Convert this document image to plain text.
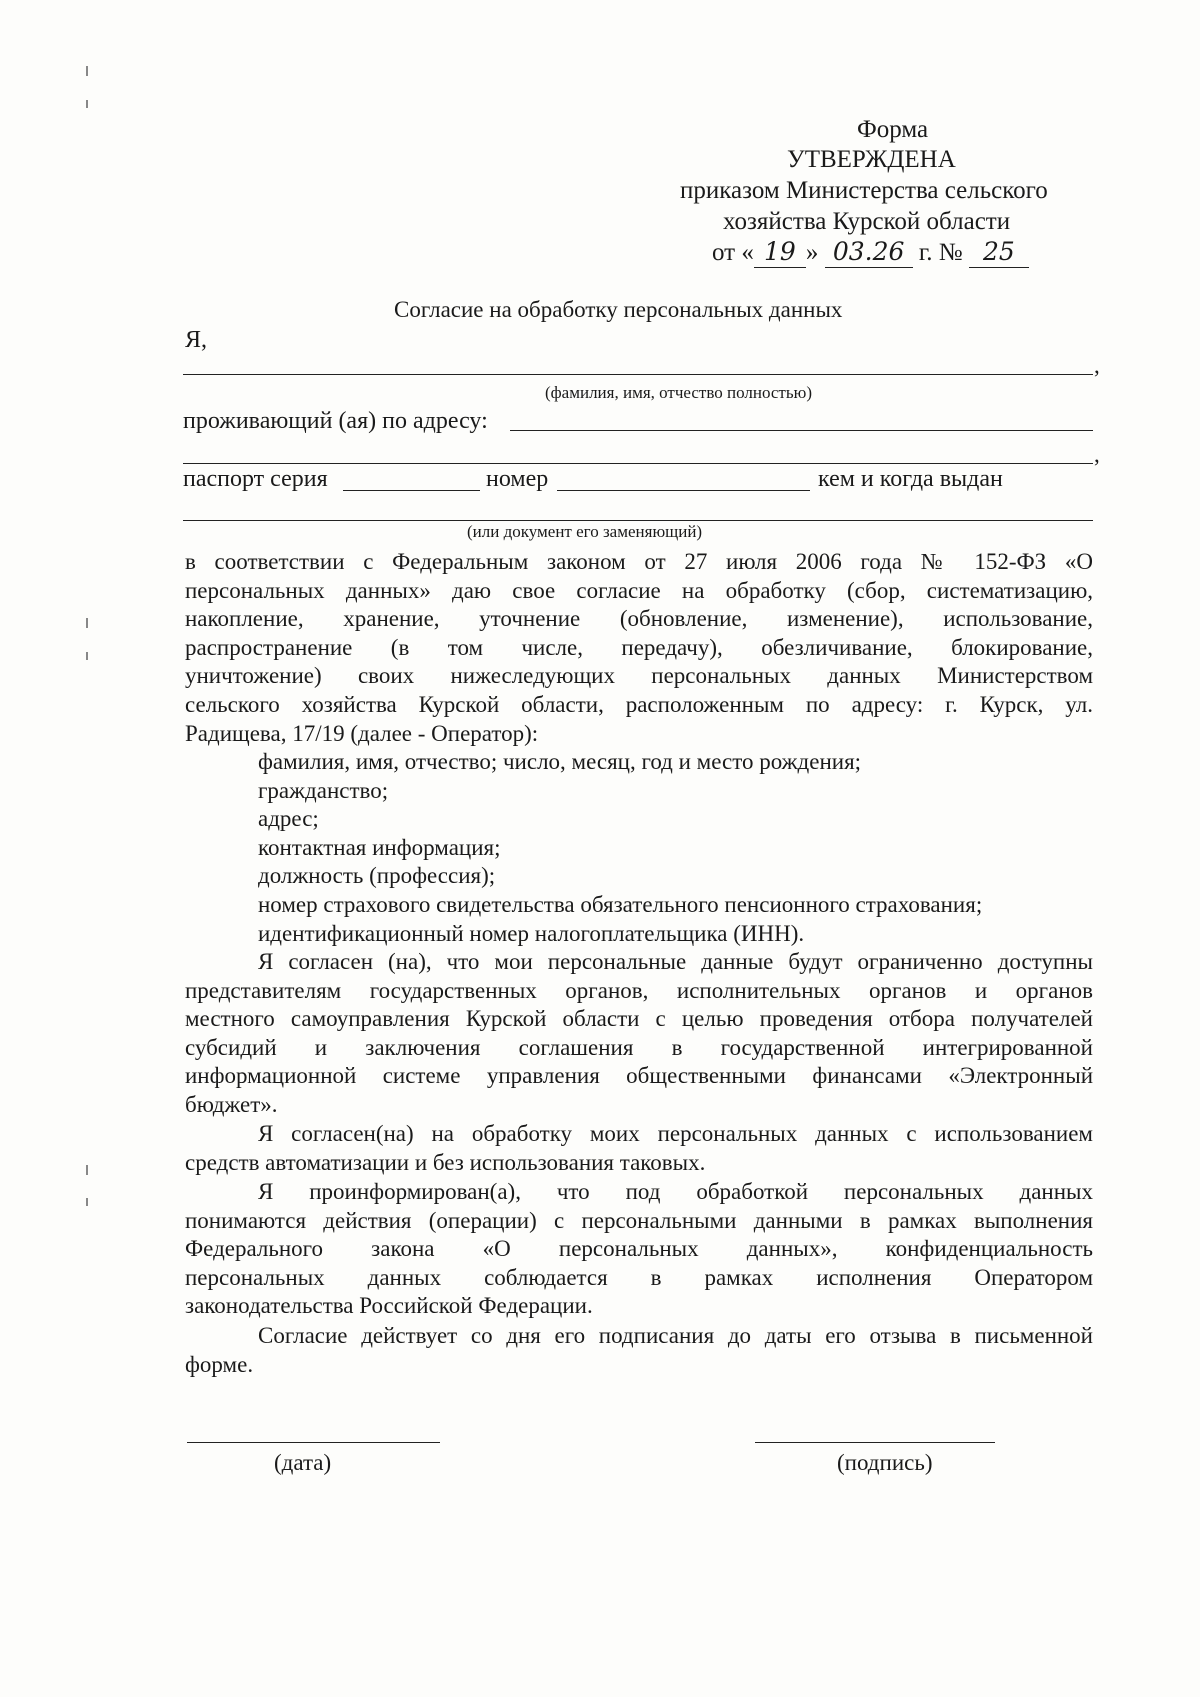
Форма
УТВЕРЖДЕНА
приказом Министерства сельского
хозяйства Курской области
от « 19 » 03.26 г. № 25
Согласие на обработку персональных данных
Я,
,
(фамилия, имя, отчество полностью)
проживающий (ая) по адресу:
,
паспорт серия	номер	кем и когда выдан
(или документ его заменяющий)
в соответствии с Федеральным законом от 27 июля 2006 года № 152-ФЗ «О
персональных данных» даю свое согласие на обработку (сбор, систематизацию,
накопление, хранение, уточнение (обновление, изменение), использование,
распространение (в том числе, передачу), обезличивание, блокирование,
уничтожение) своих нижеследующих персональных данных Министерством
сельского хозяйства Курской области, расположенным по адресу: г. Курск, ул.
Радищева, 17/19 (далее - Оператор):
фамилия, имя, отчество; число, месяц, год и место рождения;
гражданство;
адрес;
контактная информация;
должность (профессия);
номер страхового свидетельства обязательного пенсионного страхования;
идентификационный номер налогоплательщика (ИНН).
Я согласен (на), что мои персональные данные будут ограниченно доступны
представителям государственных органов, исполнительных органов и органов
местного самоуправления Курской области с целью проведения отбора получателей
субсидий и заключения соглашения в государственной интегрированной
информационной системе управления общественными финансами «Электронный
бюджет».
Я согласен(на) на обработку моих персональных данных с использованием
средств автоматизации и без использования таковых.
Я проинформирован(а), что под обработкой персональных данных
понимаются действия (операции) с персональными данными в рамках выполнения
Федерального закона «О персональных данных», конфиденциальность
персональных данных соблюдается в рамках исполнения Оператором
законодательства Российской Федерации.
Согласие действует со дня его подписания до даты его отзыва в письменной
форме.
(дата)	(подпись)
